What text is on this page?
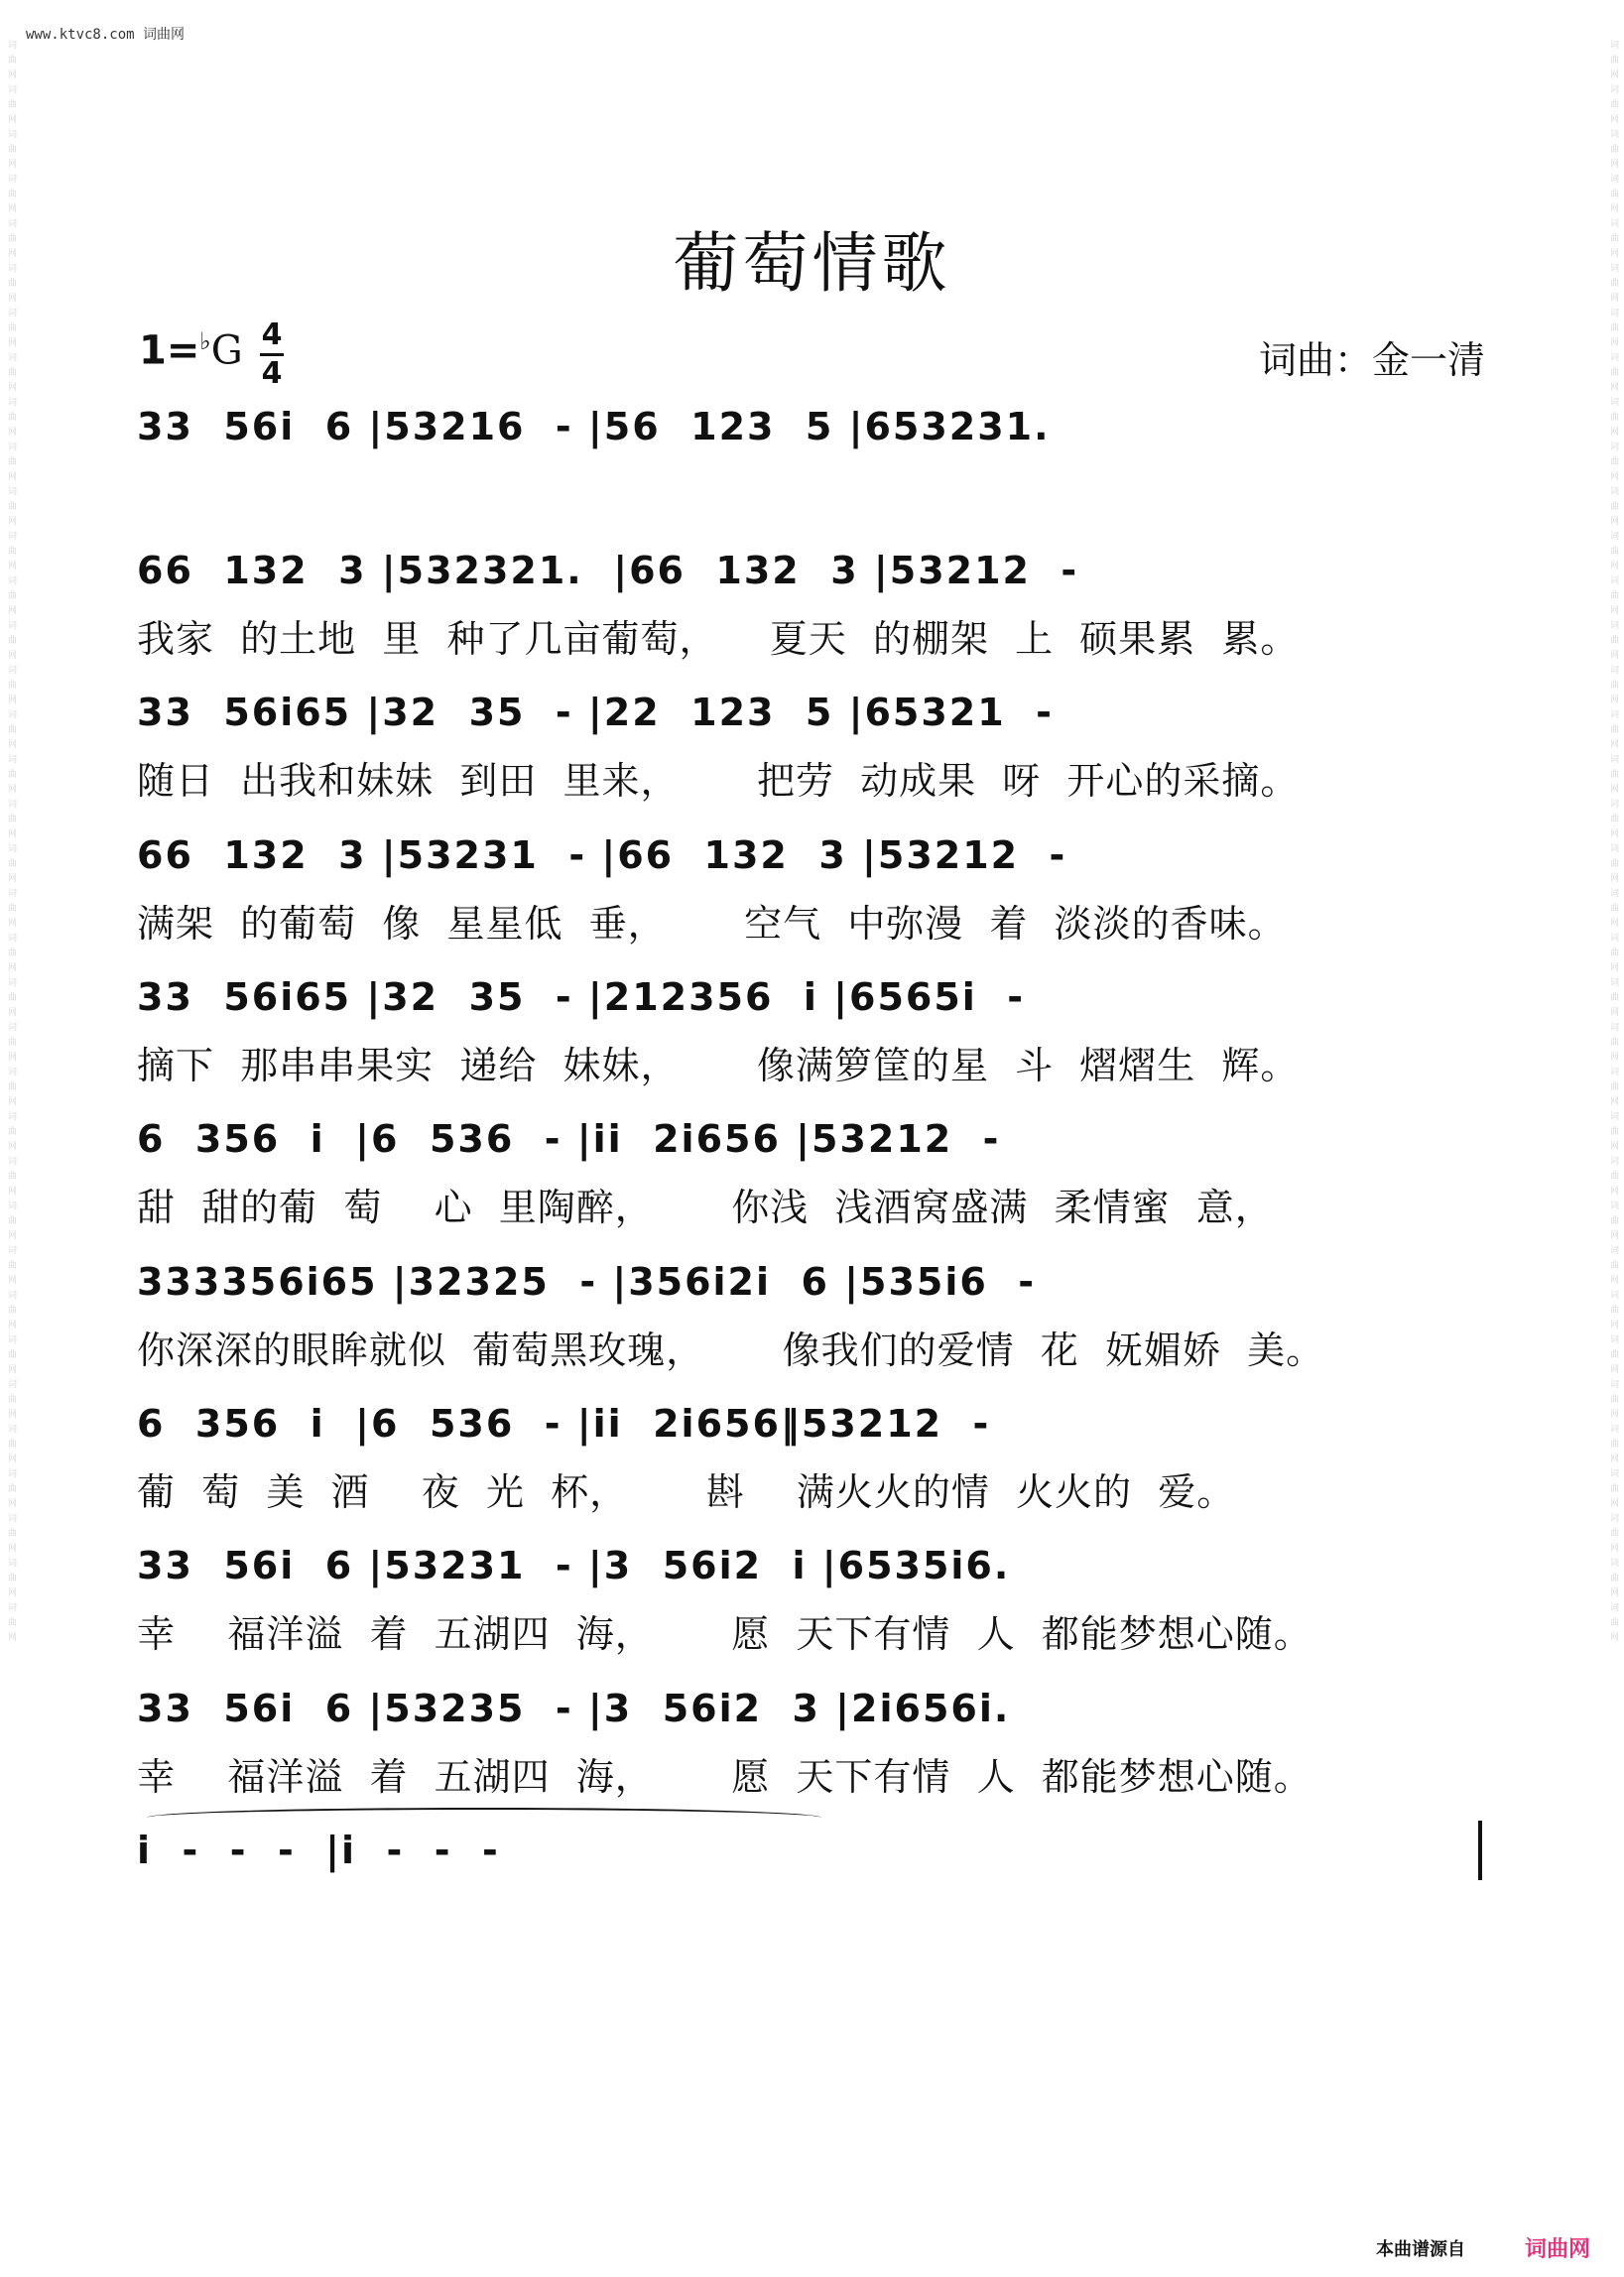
www.ktvc8.com 词曲网
词曲网词曲网词曲网词曲网词曲网词曲网词曲网词曲网词曲网词曲网词曲网词曲网词曲网词曲网词曲网词曲网词曲网词曲网词曲网词曲网词曲网词曲网词曲网词曲网词曲网词曲网词曲网词曲网词曲网词曲网词曲网词曲网词曲网词曲网词曲网词曲网	词曲网词曲网词曲网词曲网词曲网词曲网词曲网词曲网词曲网词曲网词曲网词曲网词曲网词曲网词曲网词曲网词曲网词曲网词曲网词曲网词曲网词曲网词曲网词曲网词曲网词曲网词曲网词曲网词曲网词曲网词曲网词曲网词曲网词曲网词曲网词曲网
葡萄情歌
1=♭G 4
4	词曲：金一清
33  56i  6 |53216  - |56  123  5 |653231.
66  132  3 |532321.  |66  132  3 |53212  -
我家  的土地  里  种了几亩葡萄，    夏天  的棚架  上  硕果累  累。
33  56i65 |32  35  - |22  123  5 |65321  -
随日  出我和妹妹  到田  里来，      把劳  动成果  呀  开心的采摘。
66  132  3 |53231  - |66  132  3 |53212  -
满架  的葡萄  像  星星低  垂，      空气  中弥漫  着  淡淡的香味。
33  56i65 |32  35  - |212356  i |6565i  -
摘下  那串串果实  递给  妹妹，      像满箩筐的星  斗  熠熠生  辉。
6  356  i  |6  536  - |ii  2i656 |53212  -
甜  甜的葡  萄    心  里陶醉，      你浅  浅酒窝盛满  柔情蜜  意，
333356i65 |32325  - |356i2i  6 |535i6  -
你深深的眼眸就似  葡萄黑玫瑰，      像我们的爱情  花  妩媚娇  美。
6  356  i  |6  536  - |ii  2i656‖53212  -
葡  萄  美  酒    夜  光  杯，      斟    满火火的情  火火的  爱。
33  56i  6 |53231  - |3  56i2  i |6535i6.
幸    福洋溢  着  五湖四  海，      愿  天下有情  人  都能梦想心随。
33  56i  6 |53235  - |3  56i2  3 |2i656i.
幸    福洋溢  着  五湖四  海，      愿  天下有情  人  都能梦想心随。
i  -  -  -  |i  -  -  -
本曲谱源自	词曲网
